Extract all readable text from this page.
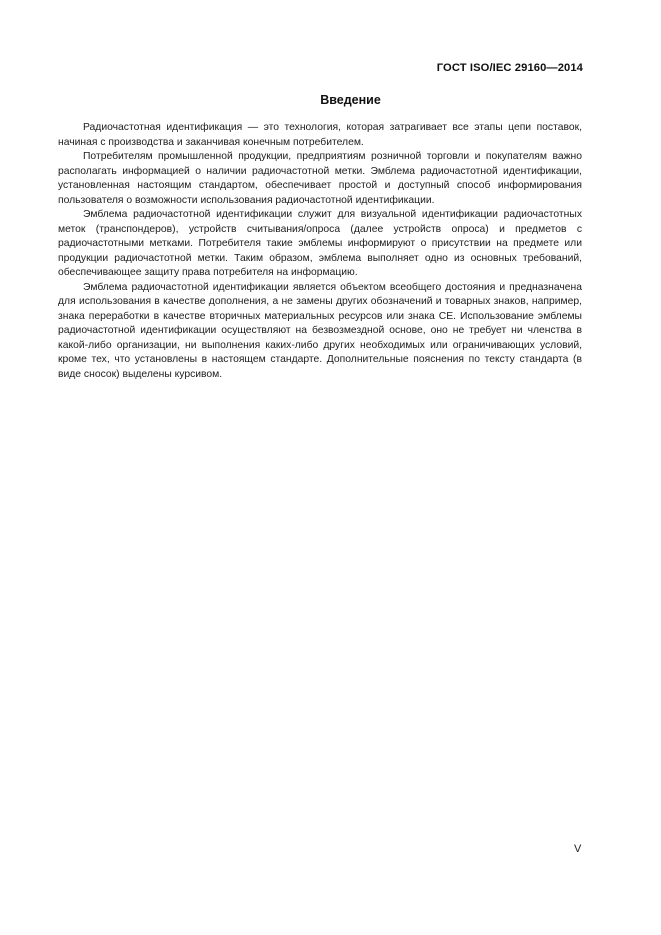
ГОСТ ISO/IEC 29160—2014
Введение

Радиочастотная идентификация — это технология, которая затрагивает все этапы цепи поставок, начиная с производства и заканчивая конечным потребителем.

Потребителям промышленной продукции, предприятиям розничной торговли и покупателям важно располагать информацией о наличии радиочастотной метки. Эмблема радиочастотной идентификации, установленная настоящим стандартом, обеспечивает простой и доступный способ информирования пользователя о возможности использования радиочастотной идентификации.

Эмблема радиочастотной идентификации служит для визуальной идентификации радиочастотных меток (транспондеров), устройств считывания/опроса (далее устройств опроса) и предметов с радиочастотными метками. Потребителя такие эмблемы информируют о присутствии на предмете или продукции радиочастотной метки. Таким образом, эмблема выполняет одно из основных требований, обеспечивающее защиту права потребителя на информацию.

Эмблема радиочастотной идентификации является объектом всеобщего достояния и предназначена для использования в качестве дополнения, а не замены других обозначений и товарных знаков, например, знака переработки в качестве вторичных материальных ресурсов или знака CE. Использование эмблемы радиочастотной идентификации осуществляют на безвозмездной основе, оно не требует ни членства в какой-либо организации, ни выполнения каких-либо других необходимых или ограничивающих условий, кроме тех, что установлены в настоящем стандарте. Дополнительные пояснения по тексту стандарта (в виде сносок) выделены курсивом.

V
